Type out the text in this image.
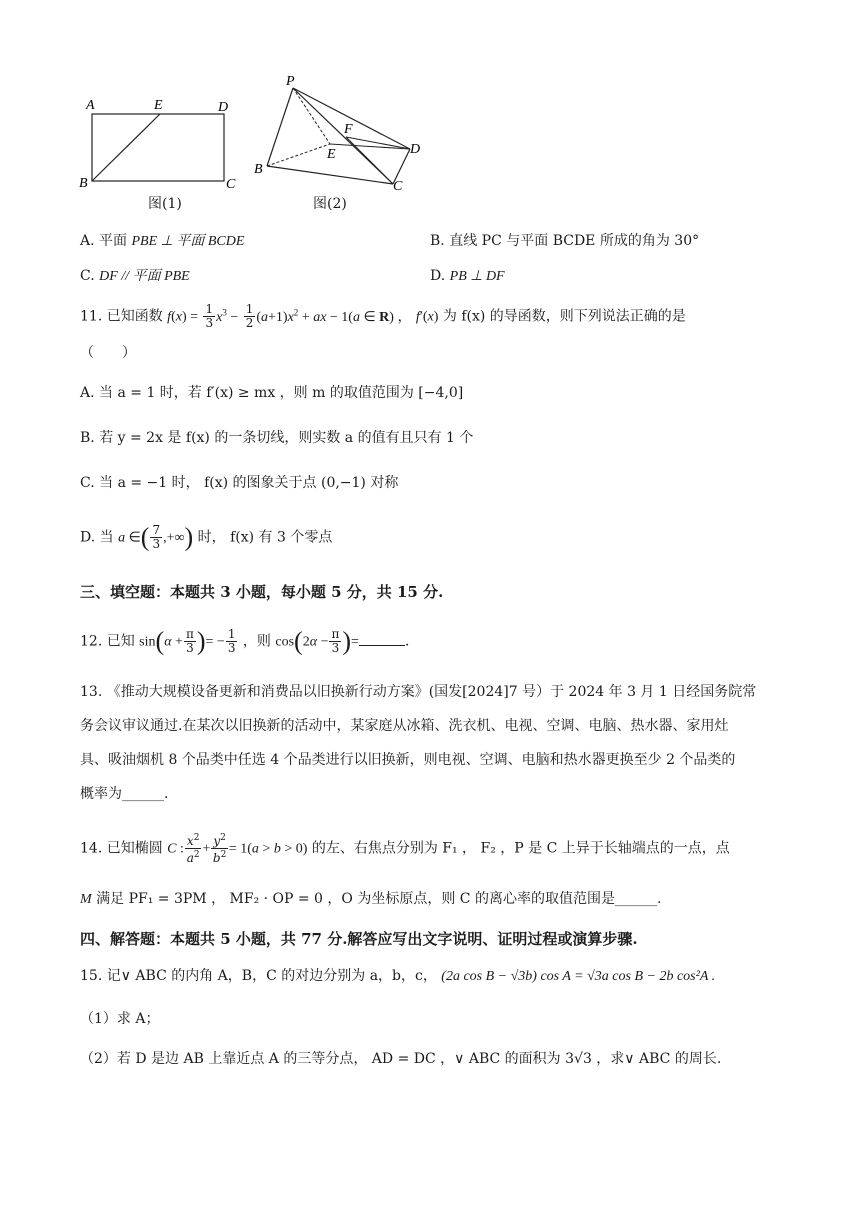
A	E	D
B	C
图(1)
P
F
E	D
B
C
图(2)
A. 平面 PBE ⊥ 平面 BCDE	B. 直线 PC 与平面 BCDE 所成的角为 30°
C. DF // 平面 PBE	D. PB ⊥ DF
11. 已知函数 $f(x) = \frac{1}{3} x^3 - \frac{1}{2} (a+1)x^2$ + ax − 1(a ∈ R) ， f′(x) 为 f(x) 的导函数，则下列说法正确的是
（　　）
A. 当 a = 1 时，若 f′(x) ≥ mx ，则 m 的取值范围为 [−4,0]
B. 若 y = 2x 是 f(x) 的一条切线，则实数 a 的值有且只有 1 个
C. 当 a = −1 时， f(x) 的图象关于点 (0,−1) 对称
D. 当 a ∈( $\frac{7}{3}$ ,+∞) 时， f(x) 有 3 个零点
三、填空题：本题共 3 小题，每小题 5 分，共 15 分.
12. 已知 $\sin(\alpha + \frac{\pi}{3}$ )= − $\frac{1}{3}$ ，则 $\cos(2\alpha - \frac{\pi}{3}$ )=	.
13. 《推动大规模设备更新和消费品以旧换新行动方案》(国发[2024]7 号）于 2024 年 3 月 1 日经国务院常
务会议审议通过.在某次以旧换新的活动中，某家庭从冰箱、洗衣机、电视、空调、电脑、热水器、家用灶
具、吸油烟机 8 个品类中任选 4 个品类进行以旧换新，则电视、空调、电脑和热水器更换至少 2 个品类的
概率为______.
14. 已知椭圆 C : $\frac{x^2}{a^2} + \frac{y^2}{b^2} = 1(a > b > 0)$ 的左、右焦点分别为 F₁ ， F₂ ，P 是 C 上异于长轴端点的一点，点
M 满足 PF₁ = 3PM ， MF₂ · OP = 0 ，O 为坐标原点，则 C 的离心率的取值范围是______.
四、解答题：本题共 5 小题，共 77 分.解答应写出文字说明、证明过程或演算步骤.
15. 记∨ ABC 的内角 A，B，C 的对边分别为 a，b，c， (2a cos B − √3b) cos A = √3a cos B − 2b cos²A .
（1）求 A；
（2）若 D 是边 AB 上靠近点 A 的三等分点， AD = DC ，∨ ABC 的面积为 3√3 ，求∨ ABC 的周长.
